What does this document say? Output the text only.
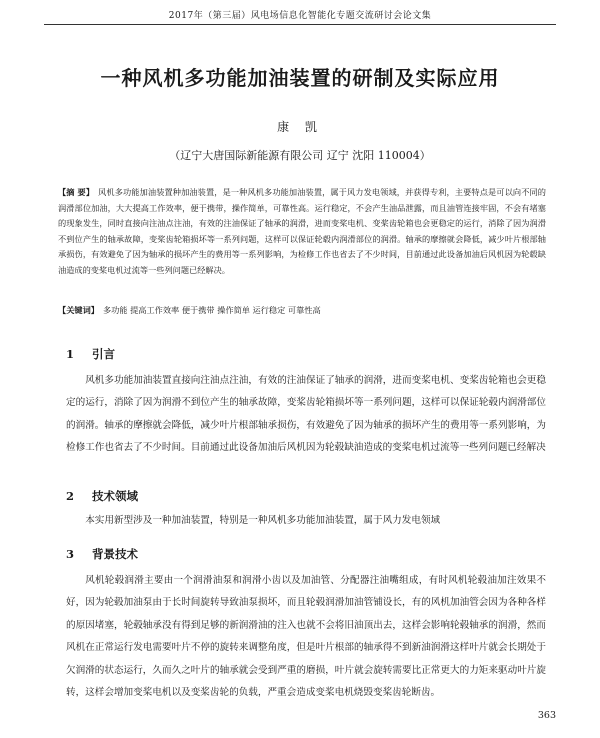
2017年（第三届）风电场信息化智能化专题交流研讨会论文集
一种风机多功能加油装置的研制及实际应用
康 凯
（辽宁大唐国际新能源有限公司 辽宁 沈阳 110004）
【摘 要】 风机多功能加油装置种加油装置，是一种风机多功能加油装置，属于风力发电领域，并获得专利，主要特点是可以向不同的润滑部位加油，大大提高工作效率，便于携带，操作简单，可靠性高。运行稳定，不会产生油品泄露，而且油管连接牢固，不会有堵塞的现象发生，同时直接向注油点注油，有效的注油保证了轴承的润滑，进而变桨电机、变桨齿轮箱也会更稳定的运行，消除了因为润滑不到位产生的轴承故障，变桨齿轮箱损坏等一系列问题，这样可以保证轮毂内润滑部位的润滑。轴承的摩擦就会降低，减少叶片根部轴承损伤，有效避免了因为轴承的损坏产生的费用等一系列影响，为检修工作也省去了不少时间，目前通过此设备加油后风机因为轮毂缺油造成的变桨电机过流等一些列问题已经解决。
【关键词】 多功能 提高工作效率 便于携带 操作简单 运行稳定 可靠性高
1 引言
风机多功能加油装置直接向注油点注油，有效的注油保证了轴承的润滑，进而变桨电机、变桨齿轮箱也会更稳定的运行，消除了因为润滑不到位产生的轴承故障，变桨齿轮箱损坏等一系列问题，这样可以保证轮毂内润滑部位的润滑。轴承的摩擦就会降低，减少叶片根部轴承损伤，有效避免了因为轴承的损坏产生的费用等一系列影响，为检修工作也省去了不少时间。目前通过此设备加油后风机因为轮毂缺油造成的变桨电机过流等一些列问题已经解决
2 技术领域
本实用新型涉及一种加油装置，特别是一种风机多功能加油装置，属于风力发电领域
3 背景技术
风机轮毂润滑主要由一个润滑油泵和润滑小齿以及加油管、分配器注油嘴组成，有时风机轮毂油加注效果不好，因为轮毂加油泵由于长时间旋转导致油泵损坏，而且轮毂润滑加油管铺设长，有的风机加油管会因为各种各样的原因堵塞，轮毂轴承没有得到足够的新润滑油的注入也就不会将旧油顶出去，这样会影响轮毂轴承的润滑，然而风机在正常运行发电需要叶片不停的旋转来调整角度，但是叶片根部的轴承得不到新油润滑这样叶片就会长期处于欠润滑的状态运行，久而久之叶片的轴承就会受到严重的磨损，叶片就会旋转需要比正常更大的力矩来驱动叶片旋转，这样会增加变桨电机以及变桨齿轮的负载，严重会造成变桨电机烧毁变桨齿轮断齿。
363
